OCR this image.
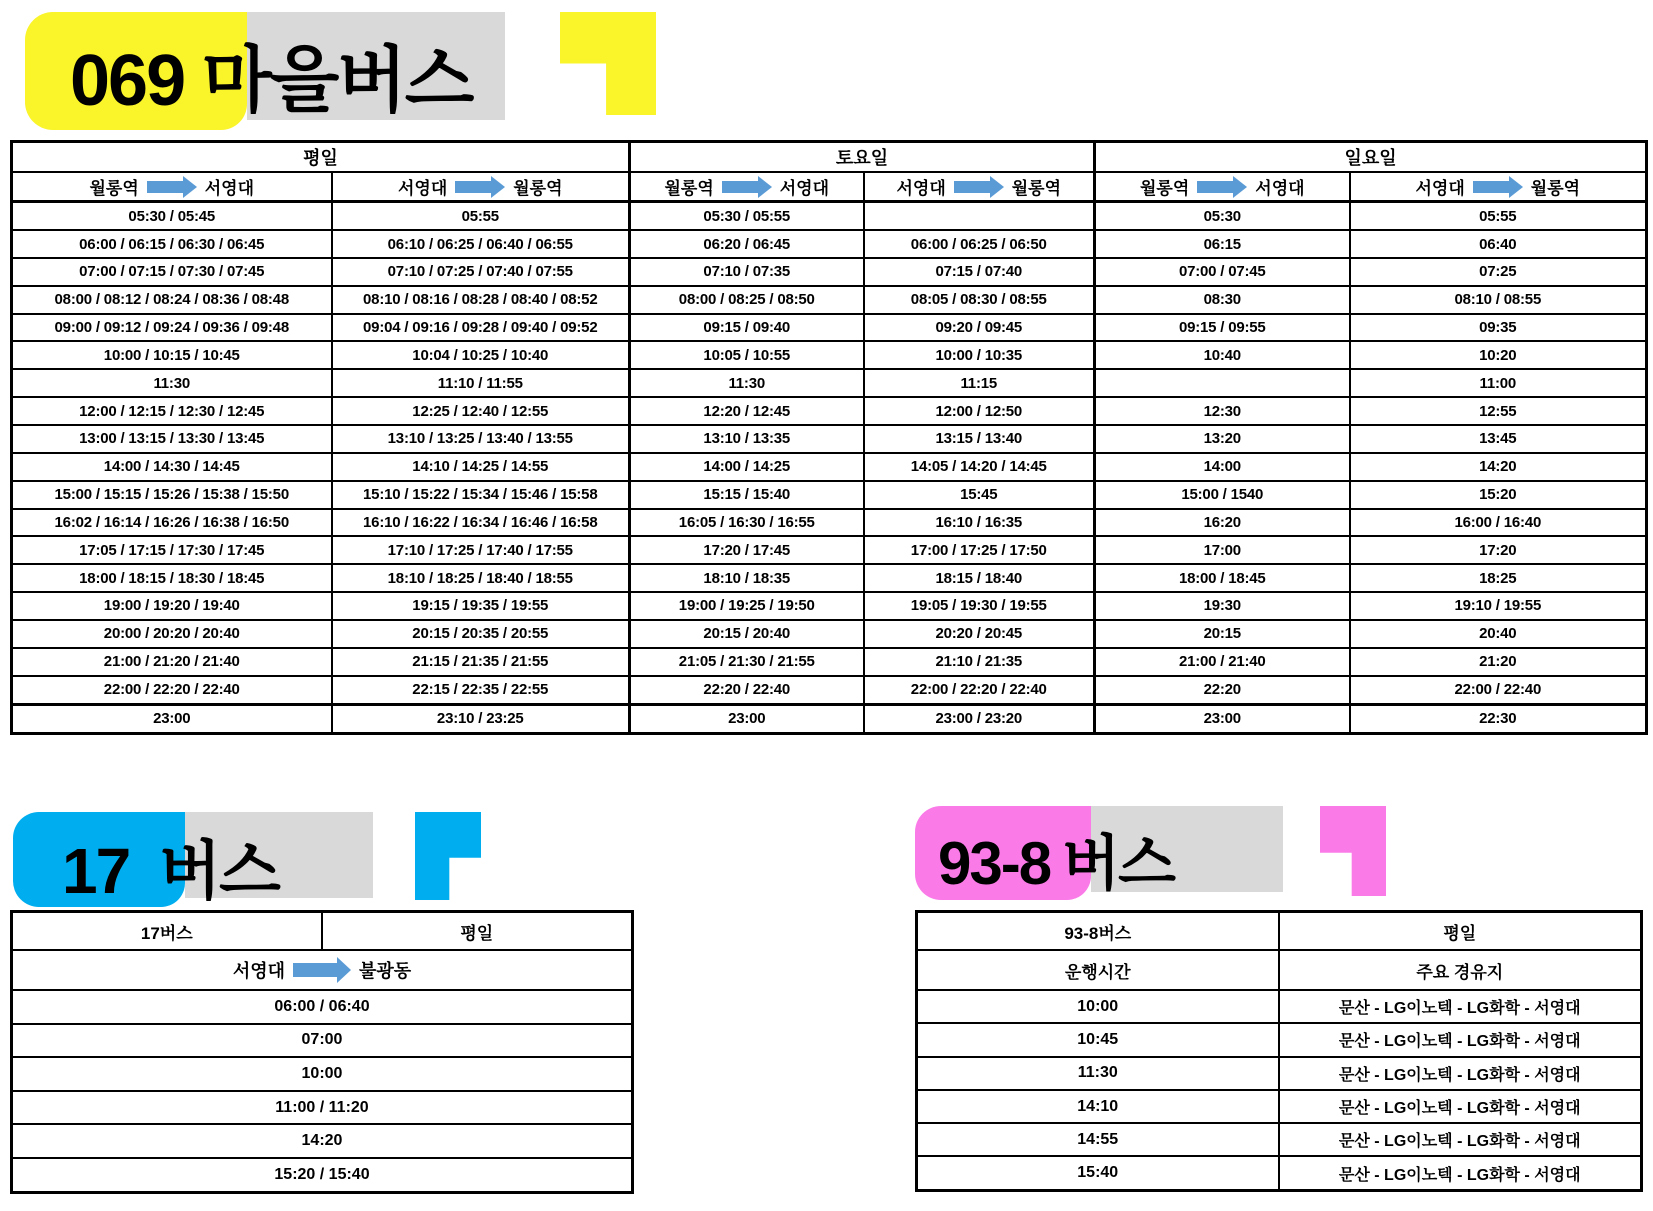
069 마을버스
평일		토요일		일요일	

월롱역 서영대	서영대 월롱역	월롱역 서영대	서영대 월롱역	월롱역 서영대	서영대 월롱역

05:30 / 05:45	05:55	05:30 / 05:55		05:30	05:55
06:00 / 06:15 / 06:30 / 06:45	06:10 / 06:25 / 06:40 / 06:55	06:20 / 06:45	06:00 / 06:25 / 06:50	06:15	06:40
07:00 / 07:15 / 07:30 / 07:45	07:10 / 07:25 / 07:40 / 07:55	07:10 / 07:35	07:15 / 07:40	07:00 / 07:45	07:25
08:00 / 08:12 / 08:24 / 08:36 / 08:48	08:10 / 08:16 / 08:28 / 08:40 / 08:52	08:00 / 08:25 / 08:50	08:05 / 08:30 / 08:55	08:30	08:10 / 08:55
09:00 / 09:12 / 09:24 / 09:36 / 09:48	09:04 / 09:16 / 09:28 / 09:40 / 09:52	09:15 / 09:40	09:20 / 09:45	09:15 / 09:55	09:35
10:00 / 10:15 / 10:45	10:04 / 10:25 / 10:40	10:05 / 10:55	10:00 / 10:35	10:40	10:20
11:30	11:10 / 11:55	11:30	11:15		11:00
12:00 / 12:15 / 12:30 / 12:45	12:25 / 12:40 / 12:55	12:20 / 12:45	12:00 / 12:50	12:30	12:55
13:00 / 13:15 / 13:30 / 13:45	13:10 / 13:25 / 13:40 / 13:55	13:10 / 13:35	13:15 / 13:40	13:20	13:45
14:00 / 14:30 / 14:45	14:10 / 14:25 / 14:55	14:00 / 14:25	14:05 / 14:20 / 14:45	14:00	14:20
15:00 / 15:15 / 15:26 / 15:38 / 15:50	15:10 / 15:22 / 15:34 / 15:46 / 15:58	15:15 / 15:40	15:45	15:00 / 1540	15:20
16:02 / 16:14 / 16:26 / 16:38 / 16:50	16:10 / 16:22 / 16:34 / 16:46 / 16:58	16:05 / 16:30 / 16:55	16:10 / 16:35	16:20	16:00 / 16:40
17:05 / 17:15 / 17:30 / 17:45	17:10 / 17:25 / 17:40 / 17:55	17:20 / 17:45	17:00 / 17:25 / 17:50	17:00	17:20
18:00 / 18:15 / 18:30 / 18:45	18:10 / 18:25 / 18:40 / 18:55	18:10 / 18:35	18:15 / 18:40	18:00 / 18:45	18:25
19:00 / 19:20 / 19:40	19:15 / 19:35 / 19:55	19:00 / 19:25 / 19:50	19:05 / 19:30 / 19:55	19:30	19:10 / 19:55
20:00 / 20:20 / 20:40	20:15 / 20:35 / 20:55	20:15 / 20:40	20:20 / 20:45	20:15	20:40
21:00 / 21:20 / 21:40	21:15 / 21:35 / 21:55	21:05 / 21:30 / 21:55	21:10 / 21:35	21:00 / 21:40	21:20
22:00 / 22:20 / 22:40	22:15 / 22:35 / 22:55	22:20 / 22:40	22:00 / 22:20 / 22:40	22:20	22:00 / 22:40
23:00	23:10 / 23:25	23:00	23:00 / 23:20	23:00	22:30
17 버스
17버스	평일

서영대	불광동

06:00 / 06:40
07:00
10:00
11:00 / 11:20
14:20
15:20 / 15:40
93-8 버스
93-8버스	평일
운행시간	주요 경유지
10:00	문산 - LG이노텍 - LG화학 - 서영대
10:45	문산 - LG이노텍 - LG화학 - 서영대
11:30	문산 - LG이노텍 - LG화학 - 서영대
14:10	문산 - LG이노텍 - LG화학 - 서영대
14:55	문산 - LG이노텍 - LG화학 - 서영대
15:40	문산 - LG이노텍 - LG화학 - 서영대
